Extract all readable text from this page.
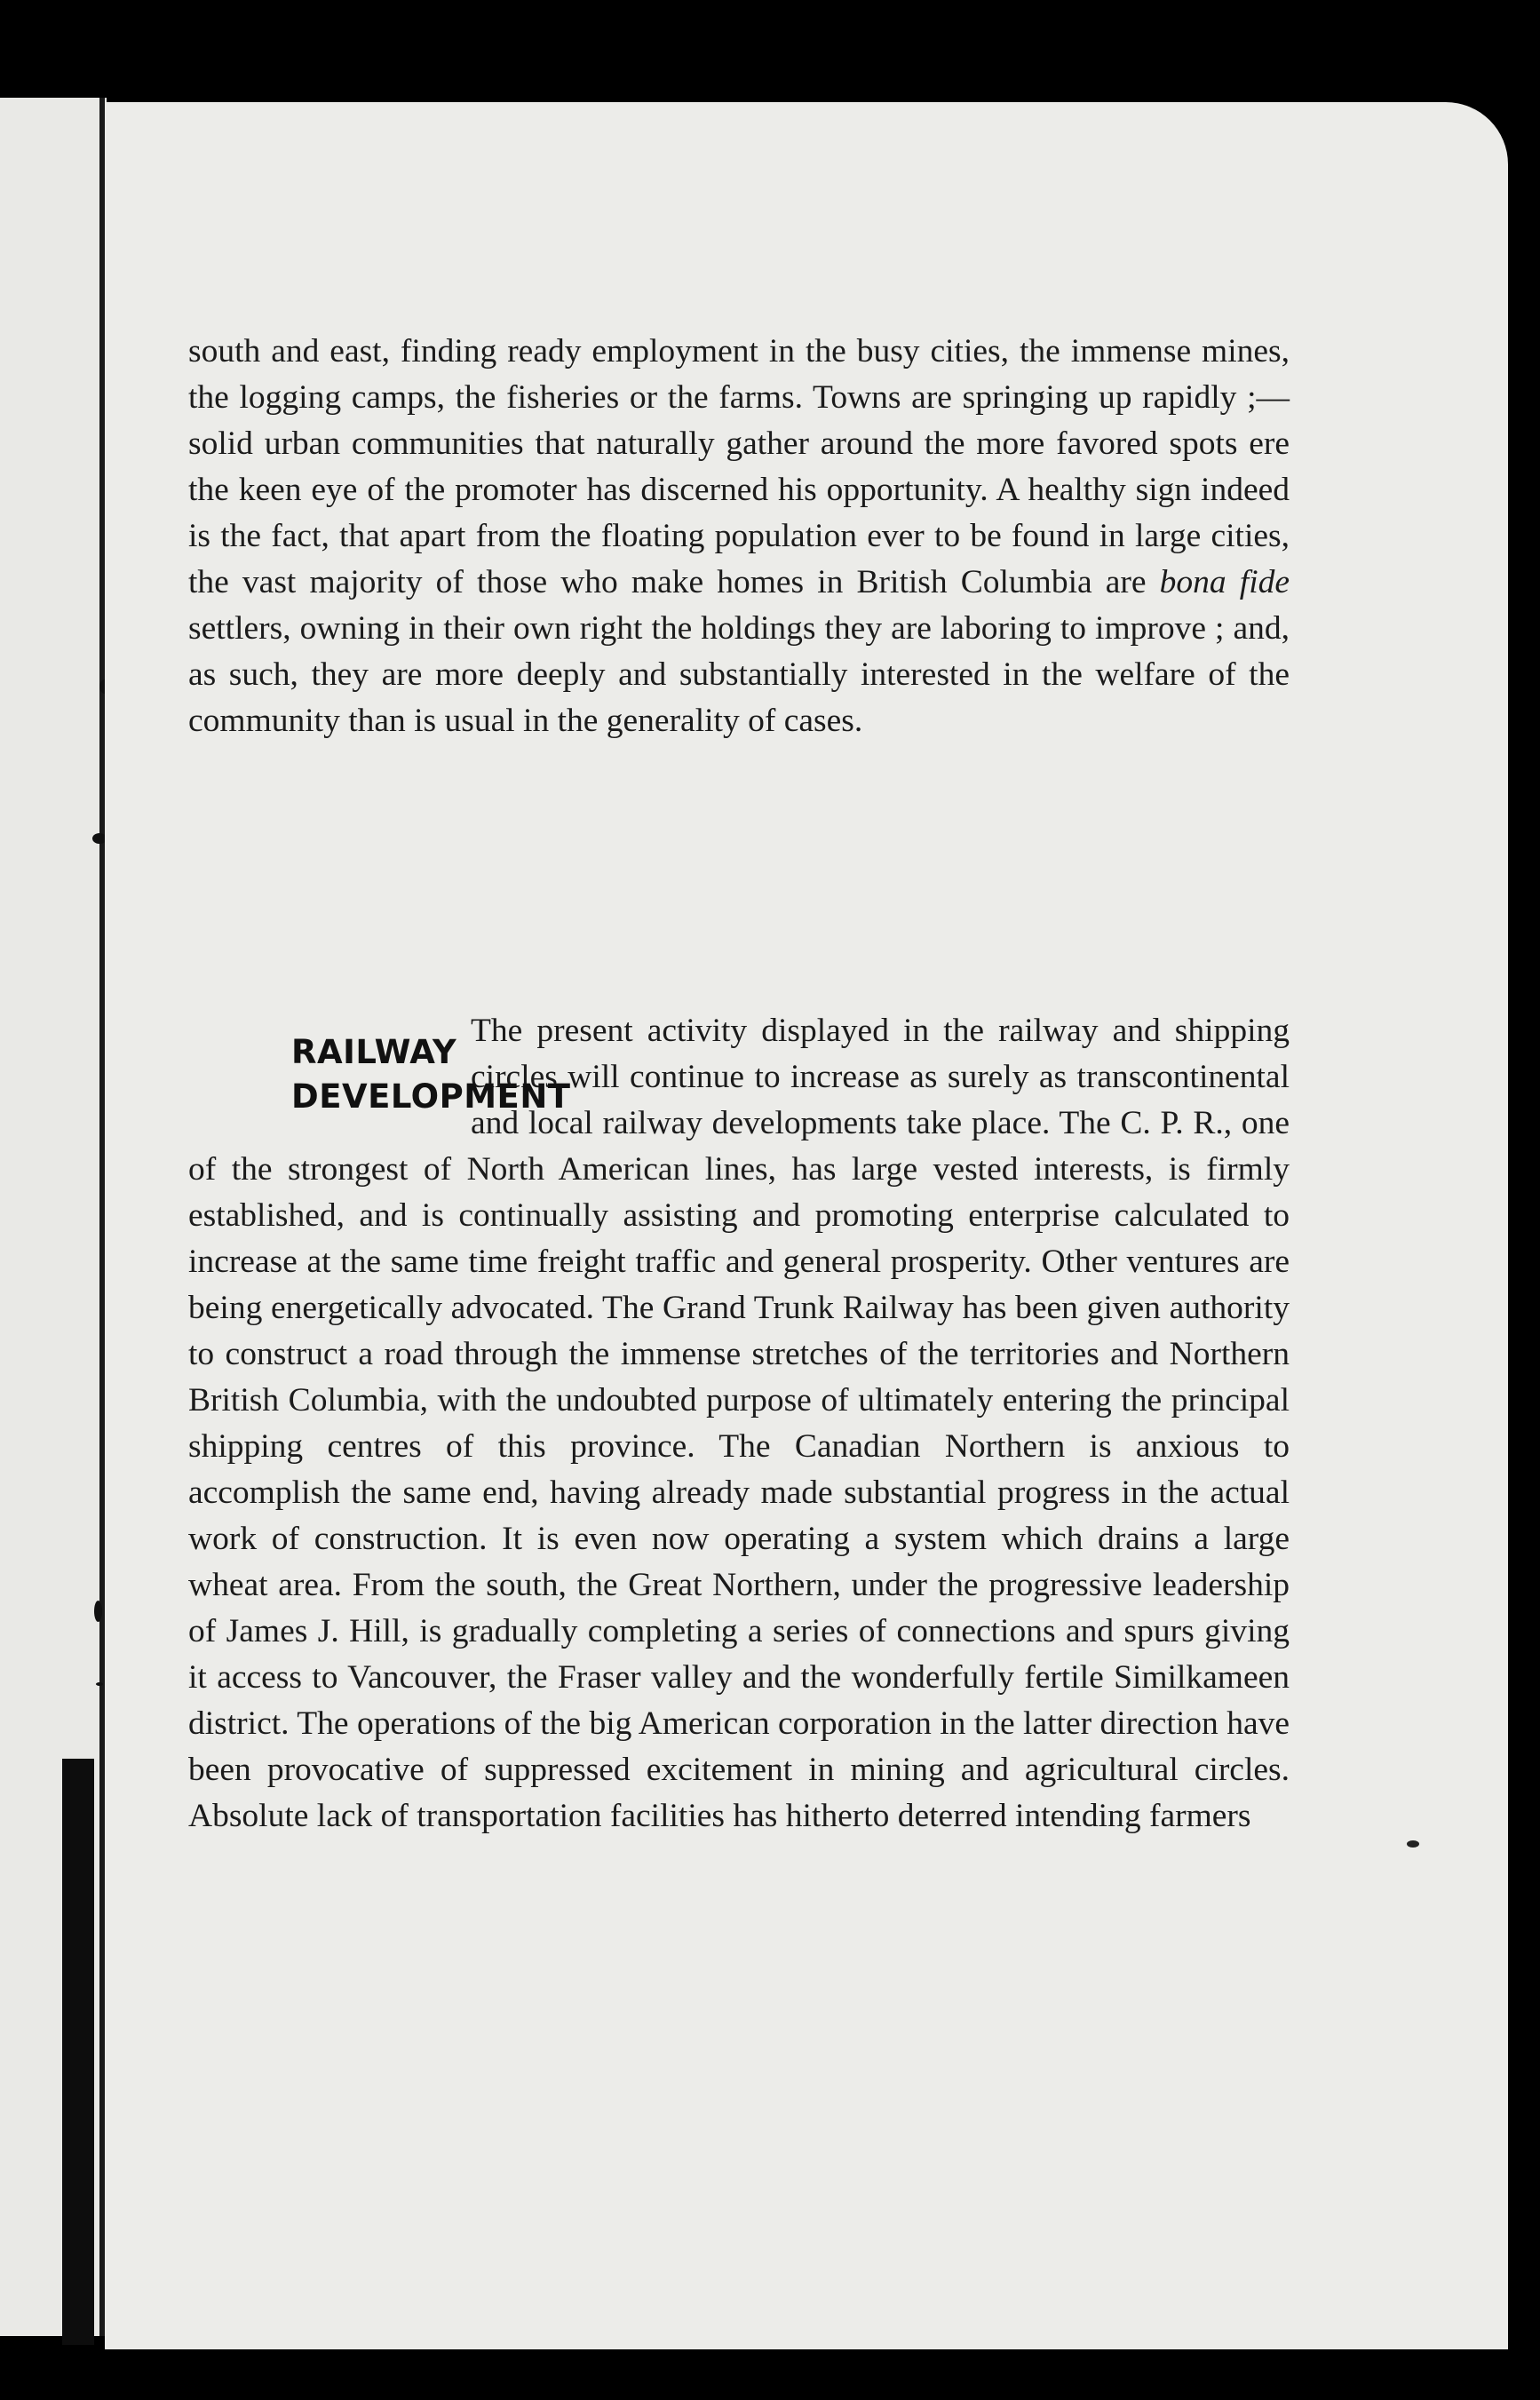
south and east, finding ready employment in the busy cities, the immense mines, the logging camps, the fisheries or the farms. Towns are springing up rapidly ;—solid urban communities that naturally gather around the more favored spots ere the keen eye of the promoter has discerned his opportunity. A healthy sign indeed is the fact, that apart from the floating population ever to be found in large cities, the vast majority of those who make homes in British Columbia are bona fide settlers, owning in their own right the holdings they are laboring to improve ; and, as such, they are more deeply and substantially interested in the welfare of the community than is usual in the generality of cases.

The present activity displayed in the railway and shipping circles will continue to increase as surely as transcontinental and local railway developments take place. The C. P. R., one of the strongest of North American lines, has large vested interests, is firmly established, and is continually assisting and promoting enterprise calculated to increase at the same time freight traffic and general prosperity. Other ventures are being energetically advocated. The Grand Trunk Railway has been given authority to construct a road through the immense stretches of the territories and Northern British Columbia, with the undoubted purpose of ultimately entering the principal shipping centres of this province. The Canadian Northern is anxious to accomplish the same end, having already made substantial progress in the actual work of construction. It is even now operating a system which drains a large wheat area. From the south, the Great Northern, under the progressive leadership of James J. Hill, is gradually completing a series of connections and spurs giving it access to Vancouver, the Fraser valley and the wonderfully fertile Similkameen district. The operations of the big American corporation in the latter direction have been provocative of suppressed excitement in mining and agricultural circles. Absolute lack of transportation facilities has hitherto deterred intending farmers

RAILWAY
DEVELOPMENT
